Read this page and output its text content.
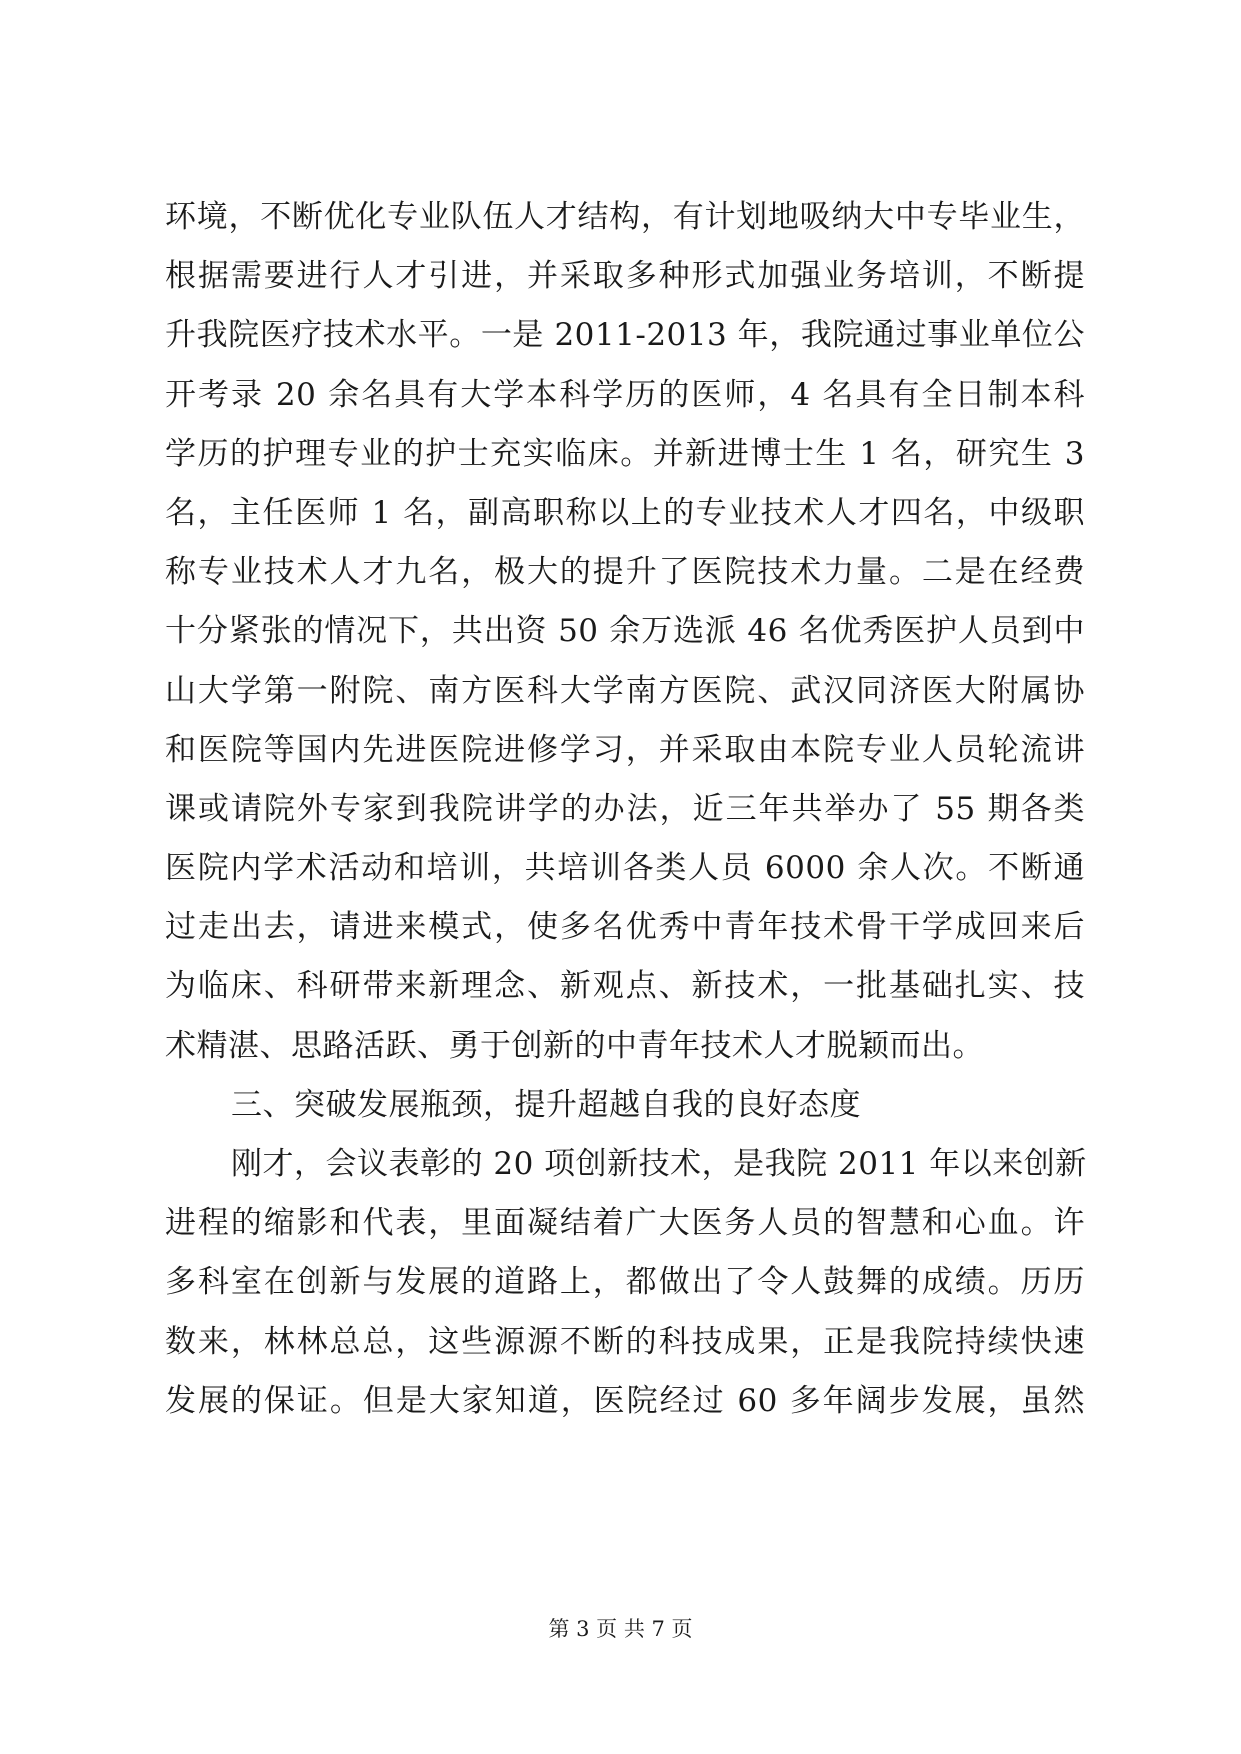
环境，不断优化专业队伍人才结构，有计划地吸纳大中专毕业生，
根据需要进行人才引进，并采取多种形式加强业务培训，不断提
升我院医疗技术水平。一是 2011-2013 年，我院通过事业单位公
开考录 20 余名具有大学本科学历的医师，4 名具有全日制本科
学历的护理专业的护士充实临床。并新进博士生 1 名，研究生 3
名，主任医师 1 名，副高职称以上的专业技术人才四名，中级职
称专业技术人才九名，极大的提升了医院技术力量。二是在经费
十分紧张的情况下，共出资 50 余万选派 46 名优秀医护人员到中
山大学第一附院、南方医科大学南方医院、武汉同济医大附属协
和医院等国内先进医院进修学习，并采取由本院专业人员轮流讲
课或请院外专家到我院讲学的办法，近三年共举办了 55 期各类
医院内学术活动和培训，共培训各类人员 6000 余人次。不断通
过走出去，请进来模式，使多名优秀中青年技术骨干学成回来后
为临床、科研带来新理念、新观点、新技术，一批基础扎实、技
术精湛、思路活跃、勇于创新的中青年技术人才脱颖而出。
三、突破发展瓶颈，提升超越自我的良好态度
刚才，会议表彰的 20 项创新技术，是我院 2011 年以来创新
进程的缩影和代表，里面凝结着广大医务人员的智慧和心血。许
多科室在创新与发展的道路上，都做出了令人鼓舞的成绩。历历
数来，林林总总，这些源源不断的科技成果，正是我院持续快速
发展的保证。但是大家知道，医院经过 60 多年阔步发展，虽然
第 3 页 共 7 页
